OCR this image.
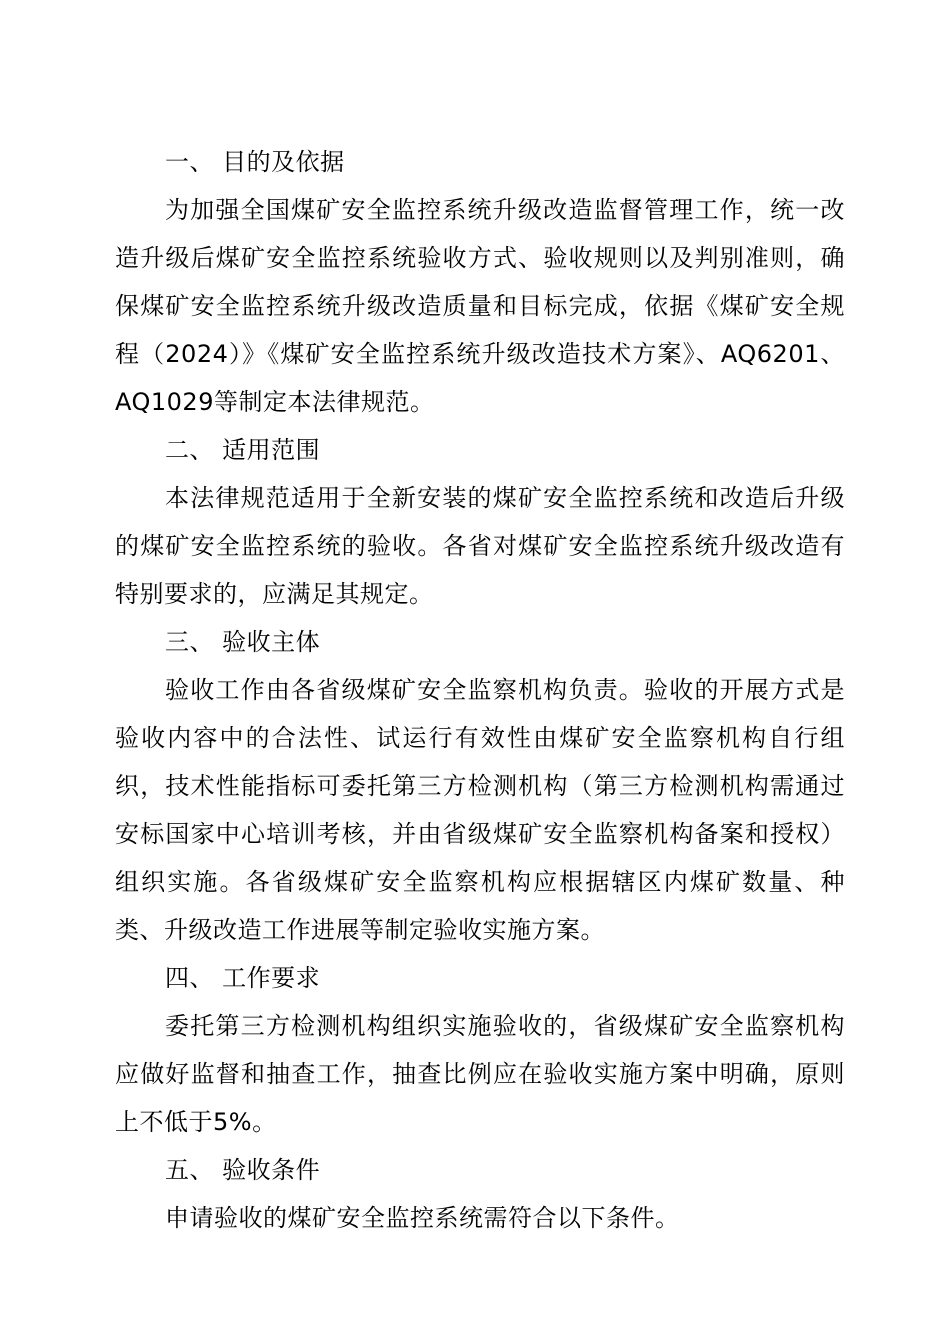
一、 目的及依据

为加强全国煤矿安全监控系统升级改造监督管理工作，统一改造升级后煤矿安全监控系统验收方式、验收规则以及判别准则，确保煤矿安全监控系统升级改造质量和目标完成，依据《煤矿安全规程（2024）》《煤矿安全监控系统升级改造技术方案》、AQ6201、AQ1029等制定本法律规范。

二、 适用范围

本法律规范适用于全新安装的煤矿安全监控系统和改造后升级的煤矿安全监控系统的验收。各省对煤矿安全监控系统升级改造有特别要求的，应满足其规定。

三、 验收主体

验收工作由各省级煤矿安全监察机构负责。验收的开展方式是验收内容中的合法性、试运行有效性由煤矿安全监察机构自行组织，技术性能指标可委托第三方检测机构（第三方检测机构需通过安标国家中心培训考核，并由省级煤矿安全监察机构备案和授权）组织实施。各省级煤矿安全监察机构应根据辖区内煤矿数量、种类、升级改造工作进展等制定验收实施方案。

四、 工作要求

委托第三方检测机构组织实施验收的，省级煤矿安全监察机构应做好监督和抽查工作，抽查比例应在验收实施方案中明确，原则上不低于5%。

五、 验收条件

申请验收的煤矿安全监控系统需符合以下条件。
